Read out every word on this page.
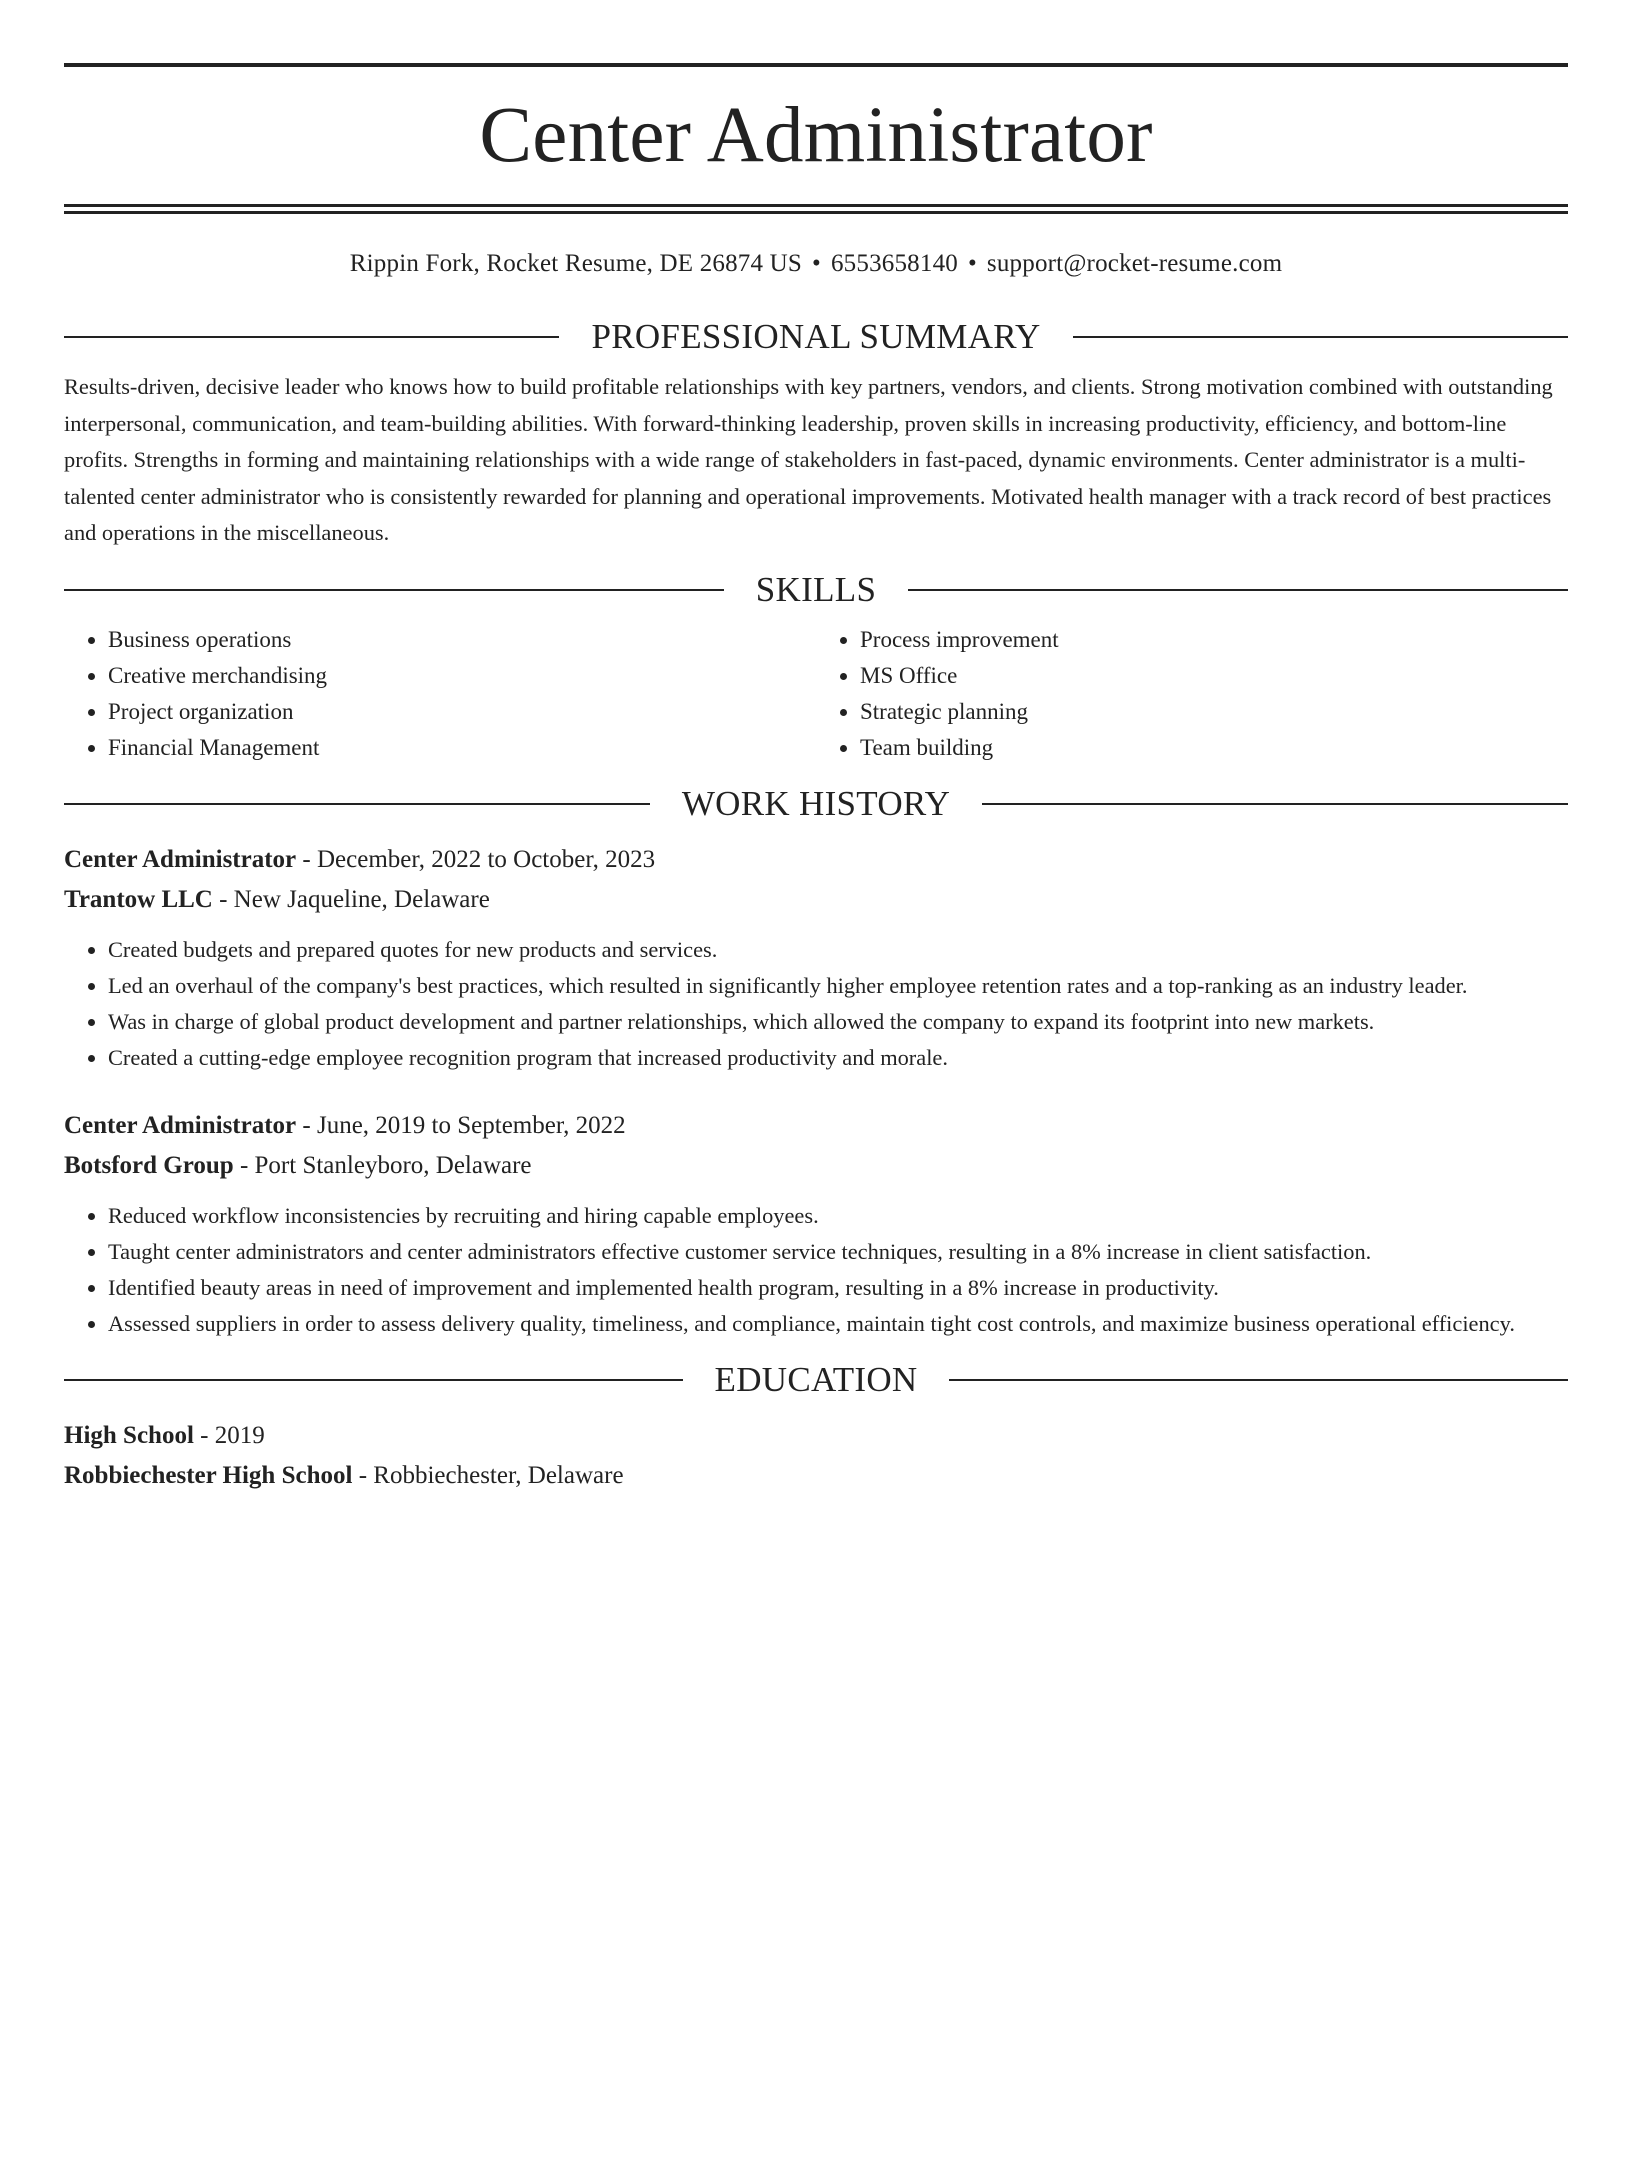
Center Administrator
Rippin Fork, Rocket Resume, DE 26874 US • 6553658140 • support@rocket-resume.com
PROFESSIONAL SUMMARY

Results-driven, decisive leader who knows how to build profitable relationships with key partners, vendors, and clients. Strong motivation combined with outstanding interpersonal, communication, and team-building abilities. With forward-thinking leadership, proven skills in increasing productivity, efficiency, and bottom-line profits. Strengths in forming and maintaining relationships with a wide range of stakeholders in fast-paced, dynamic environments. Center administrator is a multi-talented center administrator who is consistently rewarded for planning and operational improvements. Motivated health manager with a track record of best practices and operations in the miscellaneous.

SKILLS
• Business operations
• Creative merchandising
• Project organization
• Financial Management
• Process improvement
• MS Office
• Strategic planning
• Team building
WORK HISTORY
Center Administrator - December, 2022 to October, 2023
Trantow LLC - New Jaqueline, Delaware
• Created budgets and prepared quotes for new products and services.
• Led an overhaul of the company's best practices, which resulted in significantly higher employee retention rates and a top-ranking as an industry leader.
• Was in charge of global product development and partner relationships, which allowed the company to expand its footprint into new markets.
• Created a cutting-edge employee recognition program that increased productivity and morale.
Center Administrator - June, 2019 to September, 2022
Botsford Group - Port Stanleyboro, Delaware
• Reduced workflow inconsistencies by recruiting and hiring capable employees.
• Taught center administrators and center administrators effective customer service techniques, resulting in a 8% increase in client satisfaction.
• Identified beauty areas in need of improvement and implemented health program, resulting in a 8% increase in productivity.
• Assessed suppliers in order to assess delivery quality, timeliness, and compliance, maintain tight cost controls, and maximize business operational efficiency.
EDUCATION
High School - 2019
Robbiechester High School - Robbiechester, Delaware
